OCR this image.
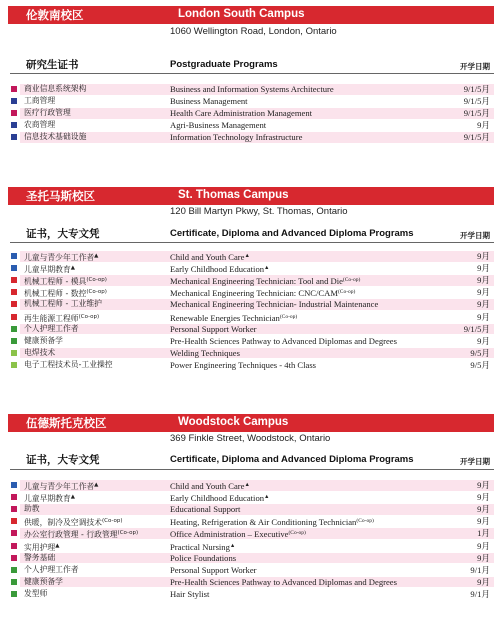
伦敦南校区	London South Campus
1060 Wellington Road, London, Ontario
研究生证书	Postgraduate Programs	开学日期
商业信息系统架构	Business and Information Systems Architecture	9/1/5月
工商管理	Business Management	9/1/5月
医疗行政管理	Health Care Administration Management	9/1/5月
农商管理	Agri-Business Management	9月
信息技术基础设施	Information Technology Infrastructure	9/1/5月
圣托马斯校区	St. Thomas Campus
120 Bill Martyn Pkwy, St. Thomas, Ontario
证书，大专文凭	Certificate, Diploma and Advanced Diploma Programs	开学日期
儿童与青少年工作者▲	Child and Youth Care▲	9月
儿童早期教育▲	Early Childhood Education▲	9月
机械工程师 - 模具$^{(Co-op)}$	Mechanical Engineering Technician: Tool and Die$^{(Co-op)}$	9月
机械工程师 - 数控$^{(Co-op)}$	Mechanical Engineering Technician: CNC/$CAM^{(Co-op)}$	9月
机械工程师 - 工业维护	Mechanical Engineering Technician- Industrial Maintenance	9月
再生能源工程师$^{(Co-op)}$	Renewable Energies Technician$^{(Co-op)}$	9月
个人护理工作者	Personal Support Worker	9/1/5月
健康预备学	Pre-Health Sciences Pathway to Advanced Diplomas and Degrees	9月
电焊技术	Welding Techniques	9/5月
电子工程技术员-工业操控	Power Engineering Techniques - 4th Class	9/5月
伍德斯托克校区	Woodstock Campus
369 Finkle Street, Woodstock, Ontario
证书，大专文凭	Certificate, Diploma and Advanced Diploma Programs	开学日期
儿童与青少年工作者▲	Child and Youth Care▲	9月
儿童早期教育▲	Early Childhood Education▲	9月
助教	Educational Support	9月
供暖，制冷及空调技术$^{(Co-op)}$	Heating, Refrigeration & Air Conditioning Technician$^{(Co-op)}$	9月
办公室行政管理 - 行政管理$^{(Co-op)}$	Office Administration – Executive$^{(Co-op)}$	1月
实用护理▲	Practical Nursing▲	9月
警务基础	Police Foundations	9月
个人护理工作者	Personal Support Worker	9/1月
健康预备学	Pre-Health Sciences Pathway to Advanced Diplomas and Degrees	9月
发型师	Hair Stylist	9/1月
